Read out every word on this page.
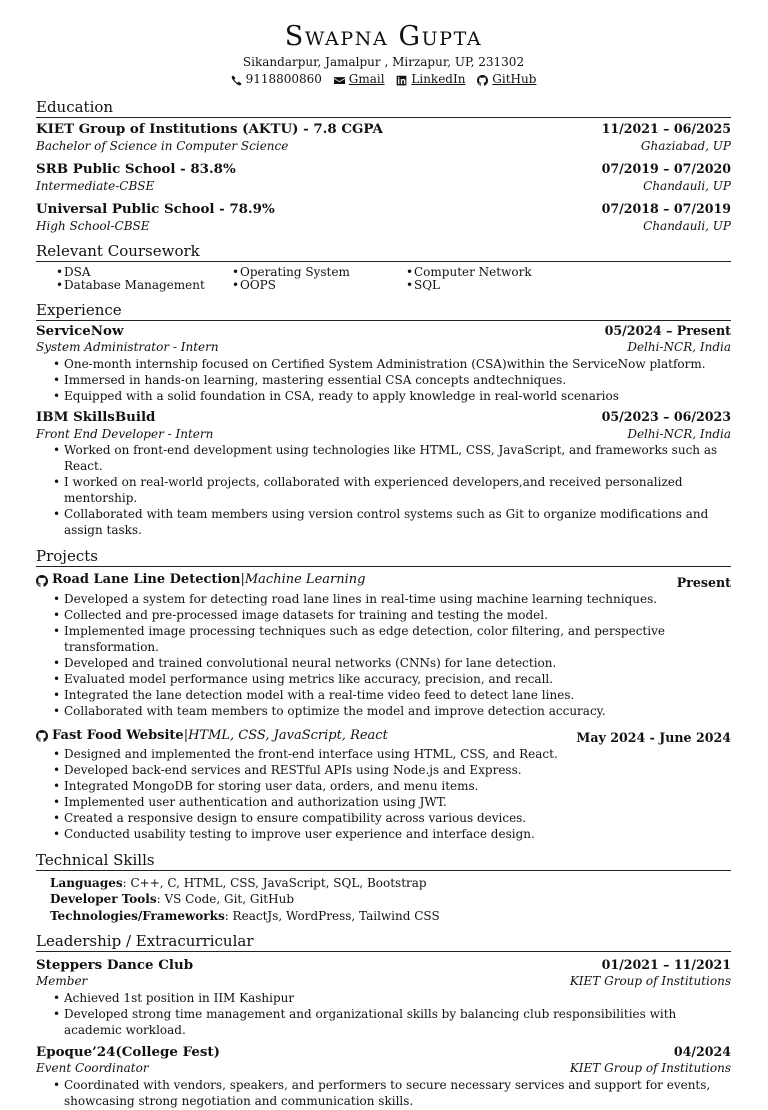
Swapna Gupta
Sikandarpur, Jamalpur , Mirzapur, UP, 231302
9118800860
Gmail
LinkedIn
GitHub
Education
KIET Group of Institutions (AKTU) - 7.8 CGPA	11/2021 – 06/2025
Bachelor of Science in Computer Science	Ghaziabad, UP
SRB Public School - 83.8%	07/2019 – 07/2020
Intermediate-CBSE	Chandauli, UP
Universal Public School - 78.9%	07/2018 – 07/2019
High School-CBSE	Chandauli, UP
Relevant Coursework
• DSA	• Operating System	• Computer Network
• Database Management	• OOPS	• SQL
Experience
ServiceNow	05/2024 – Present
System Administrator - Intern	Delhi-NCR, India
• One-month internship focused on Certified System Administration (CSA)within the ServiceNow platform.
• Immersed in hands-on learning, mastering essential CSA concepts andtechniques.
• Equipped with a solid foundation in CSA, ready to apply knowledge in real-world scenarios
IBM SkillsBuild	05/2023 – 06/2023
Front End Developer - Intern	Delhi-NCR, India
• Worked on front-end development using technologies like HTML, CSS, JavaScript, and frameworks such as React.
• I worked on real-world projects, collaborated with experienced developers,and received personalized mentorship.
• Collaborated with team members using version control systems such as Git to organize modifications and assign tasks.
Projects
Road Lane Line Detection | Machine Learning	Present
• Developed a system for detecting road lane lines in real-time using machine learning techniques.
• Collected and pre-processed image datasets for training and testing the model.
• Implemented image processing techniques such as edge detection, color filtering, and perspective transformation.
• Developed and trained convolutional neural networks (CNNs) for lane detection.
• Evaluated model performance using metrics like accuracy, precision, and recall.
• Integrated the lane detection model with a real-time video feed to detect lane lines.
• Collaborated with team members to optimize the model and improve detection accuracy.
Fast Food Website | HTML, CSS, JavaScript, React	May 2024 - June 2024
• Designed and implemented the front-end interface using HTML, CSS, and React.
• Developed back-end services and RESTful APIs using Node.js and Express.
• Integrated MongoDB for storing user data, orders, and menu items.
• Implemented user authentication and authorization using JWT.
• Created a responsive design to ensure compatibility across various devices.
• Conducted usability testing to improve user experience and interface design.
Technical Skills
Languages: C++, C, HTML, CSS, JavaScript, SQL, Bootstrap
Developer Tools: VS Code, Git, GitHub
Technologies/Frameworks: ReactJs, WordPress, Tailwind CSS
Leadership / Extracurricular
Steppers Dance Club	01/2021 – 11/2021
Member	KIET Group of Institutions
• Achieved 1st position in IIM Kashipur
• Developed strong time management and organizational skills by balancing club responsibilities with academic workload.
Epoque’24(College Fest)	04/2024
Event Coordinator	KIET Group of Institutions
• Coordinated with vendors, speakers, and performers to secure necessary services and support for events, showcasing strong negotiation and communication skills.
